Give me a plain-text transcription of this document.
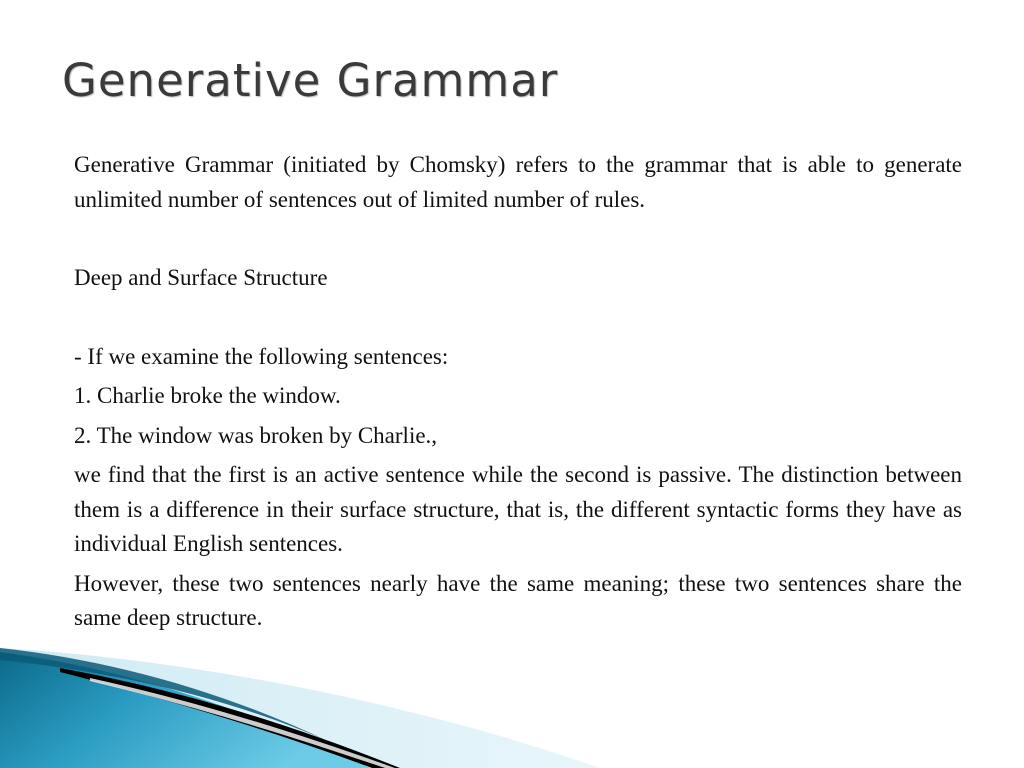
Generative Grammar

Generative Grammar (initiated by Chomsky) refers to the grammar that is able to generate unlimited number of sentences out of limited number of rules.

Deep and Surface Structure

- If we examine the following sentences:

1. Charlie broke the window.

2. The window was broken by Charlie.,

we find that the first is an active sentence while the second is passive. The distinction between them is a difference in their surface structure, that is, the different syntactic forms they have as individual English sentences.

However, these two sentences nearly have the same meaning; these two sentences share the same deep structure.
